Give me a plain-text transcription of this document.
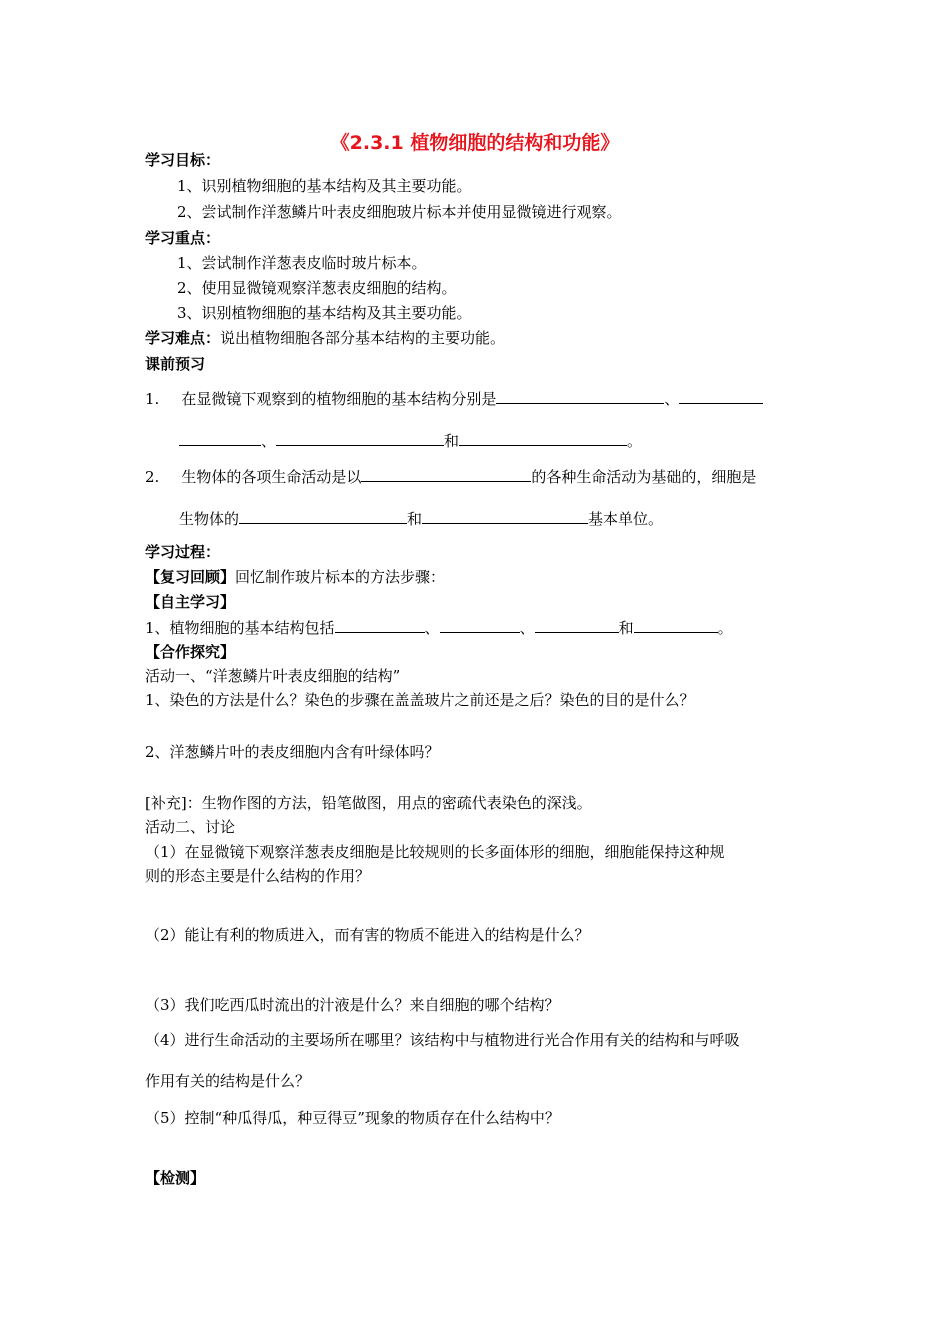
《2.3.1 植物细胞的结构和功能》
学习目标：
1、识别植物细胞的基本结构及其主要功能。
2、尝试制作洋葱鳞片叶表皮细胞玻片标本并使用显微镜进行观察。
学习重点：
1、尝试制作洋葱表皮临时玻片标本。
2、使用显微镜观察洋葱表皮细胞的结构。
3、识别植物细胞的基本结构及其主要功能。
学习难点：说出植物细胞各部分基本结构的主要功能。
课前预习
1. 在显微镜下观察到的植物细胞的基本结构分别是	、
、	和	。
2. 生物体的各项生命活动是以	的各种生命活动为基础的，细胞是
生物体的	和	基本单位。
学习过程：
【复习回顾】回忆制作玻片标本的方法步骤：
【自主学习】
1、植物细胞的基本结构包括	、	、	和	。
【合作探究】
活动一、“洋葱鳞片叶表皮细胞的结构”
1、染色的方法是什么？染色的步骤在盖盖玻片之前还是之后？染色的目的是什么？
2、洋葱鳞片叶的表皮细胞内含有叶绿体吗？
[补充]：生物作图的方法，铅笔做图，用点的密疏代表染色的深浅。
活动二、讨论
（1）在显微镜下观察洋葱表皮细胞是比较规则的长多面体形的细胞，细胞能保持这种规
则的形态主要是什么结构的作用？
（2）能让有利的物质进入，而有害的物质不能进入的结构是什么？
（3）我们吃西瓜时流出的汁液是什么？来自细胞的哪个结构？
（4）进行生命活动的主要场所在哪里？该结构中与植物进行光合作用有关的结构和与呼吸
作用有关的结构是什么？
（5）控制“种瓜得瓜，种豆得豆”现象的物质存在什么结构中？
【检测】
